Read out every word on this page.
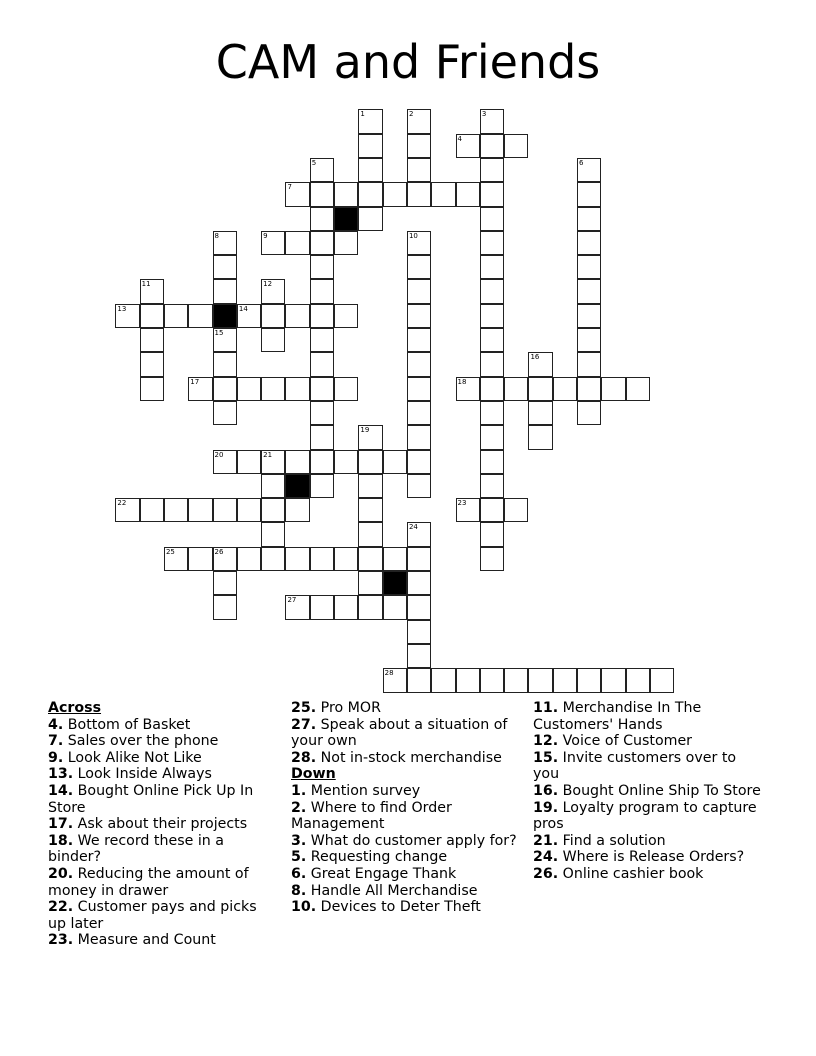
CAM and Friends
1	2	3
4
5	6
7
8	9	10
11	12
13	14
15
16
17	18
19
20	21
22	23
24
25	26
27
28
Across
4. Bottom of Basket
7. Sales over the phone
9. Look Alike Not Like
13. Look Inside Always
14. Bought Online Pick Up In Store
17. Ask about their projects
18. We record these in a binder?
20. Reducing the amount of money in drawer
22. Customer pays and picks up later
23. Measure and Count
25. Pro MOR
27. Speak about a situation of your own
28. Not in-stock merchandise
Down
1. Mention survey
2. Where to find Order Management
3. What do customer apply for?
5. Requesting change
6. Great Engage Thank
8. Handle All Merchandise
10. Devices to Deter Theft
11. Merchandise In The Customers' Hands
12. Voice of Customer
15. Invite customers over to you
16. Bought Online Ship To Store
19. Loyalty program to capture pros
21. Find a solution
24. Where is Release Orders?
26. Online cashier book
